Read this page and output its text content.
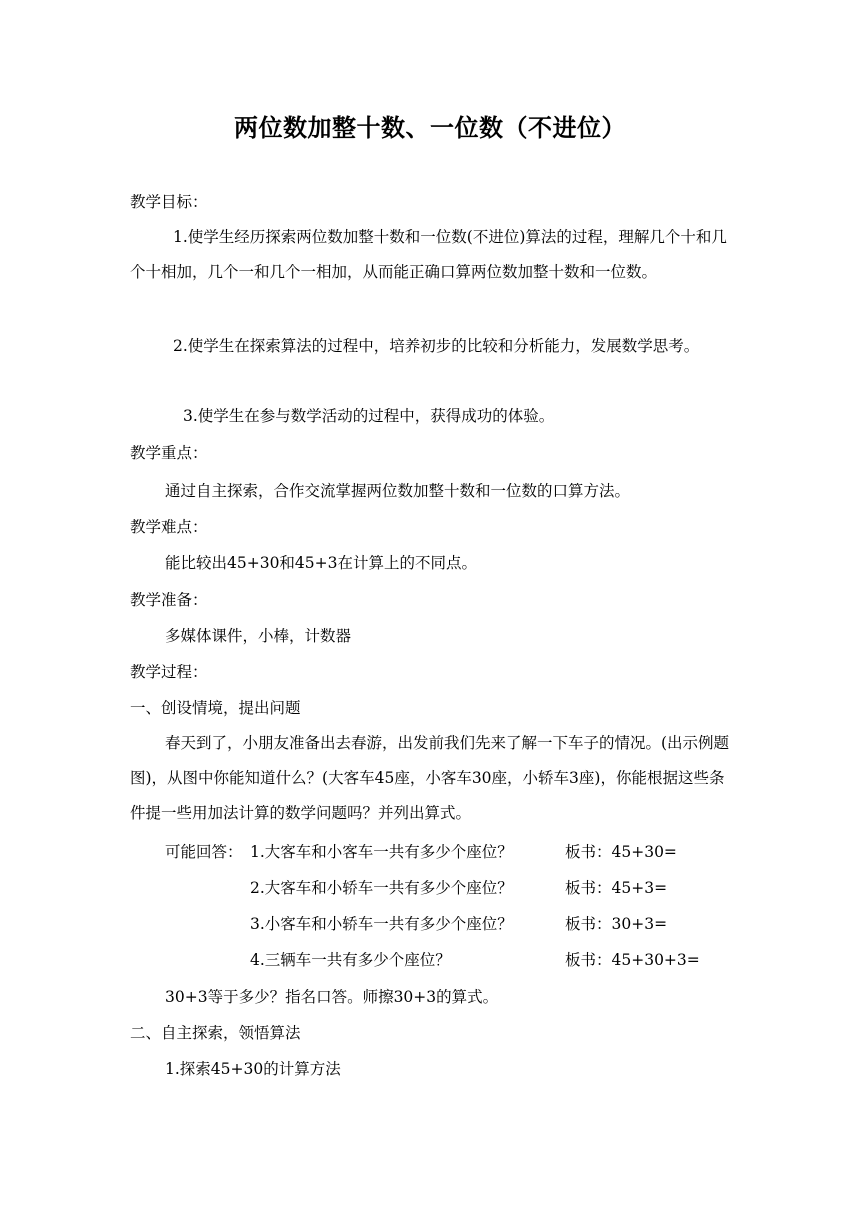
两位数加整十数、一位数（不进位）
教学目标：
1.使学生经历探索两位数加整十数和一位数(不进位)算法的过程，理解几个十和几个十相加，几个一和几个一相加，从而能正确口算两位数加整十数和一位数。
2.使学生在探索算法的过程中，培养初步的比较和分析能力，发展数学思考。
3.使学生在参与数学活动的过程中，获得成功的体验。
教学重点：
通过自主探索，合作交流掌握两位数加整十数和一位数的口算方法。
教学难点：
能比较出45+30和45+3在计算上的不同点。
教学准备：
多媒体课件，小棒，计数器
教学过程：
一、创设情境，提出问题
春天到了，小朋友准备出去春游，出发前我们先来了解一下车子的情况。(出示例题图)，从图中你能知道什么？(大客车45座，小客车30座，小轿车3座)，你能根据这些条件提一些用加法计算的数学问题吗？并列出算式。
可能回答： 1.大客车和小客车一共有多少个座位？	板书：45+30=
2.大客车和小轿车一共有多少个座位？	板书：45+3=
3.小客车和小轿车一共有多少个座位？	板书：30+3=
4.三辆车一共有多少个座位？	板书：45+30+3=
30+3等于多少？指名口答。师擦30+3的算式。
二、自主探索，领悟算法
1.探索45+30的计算方法
